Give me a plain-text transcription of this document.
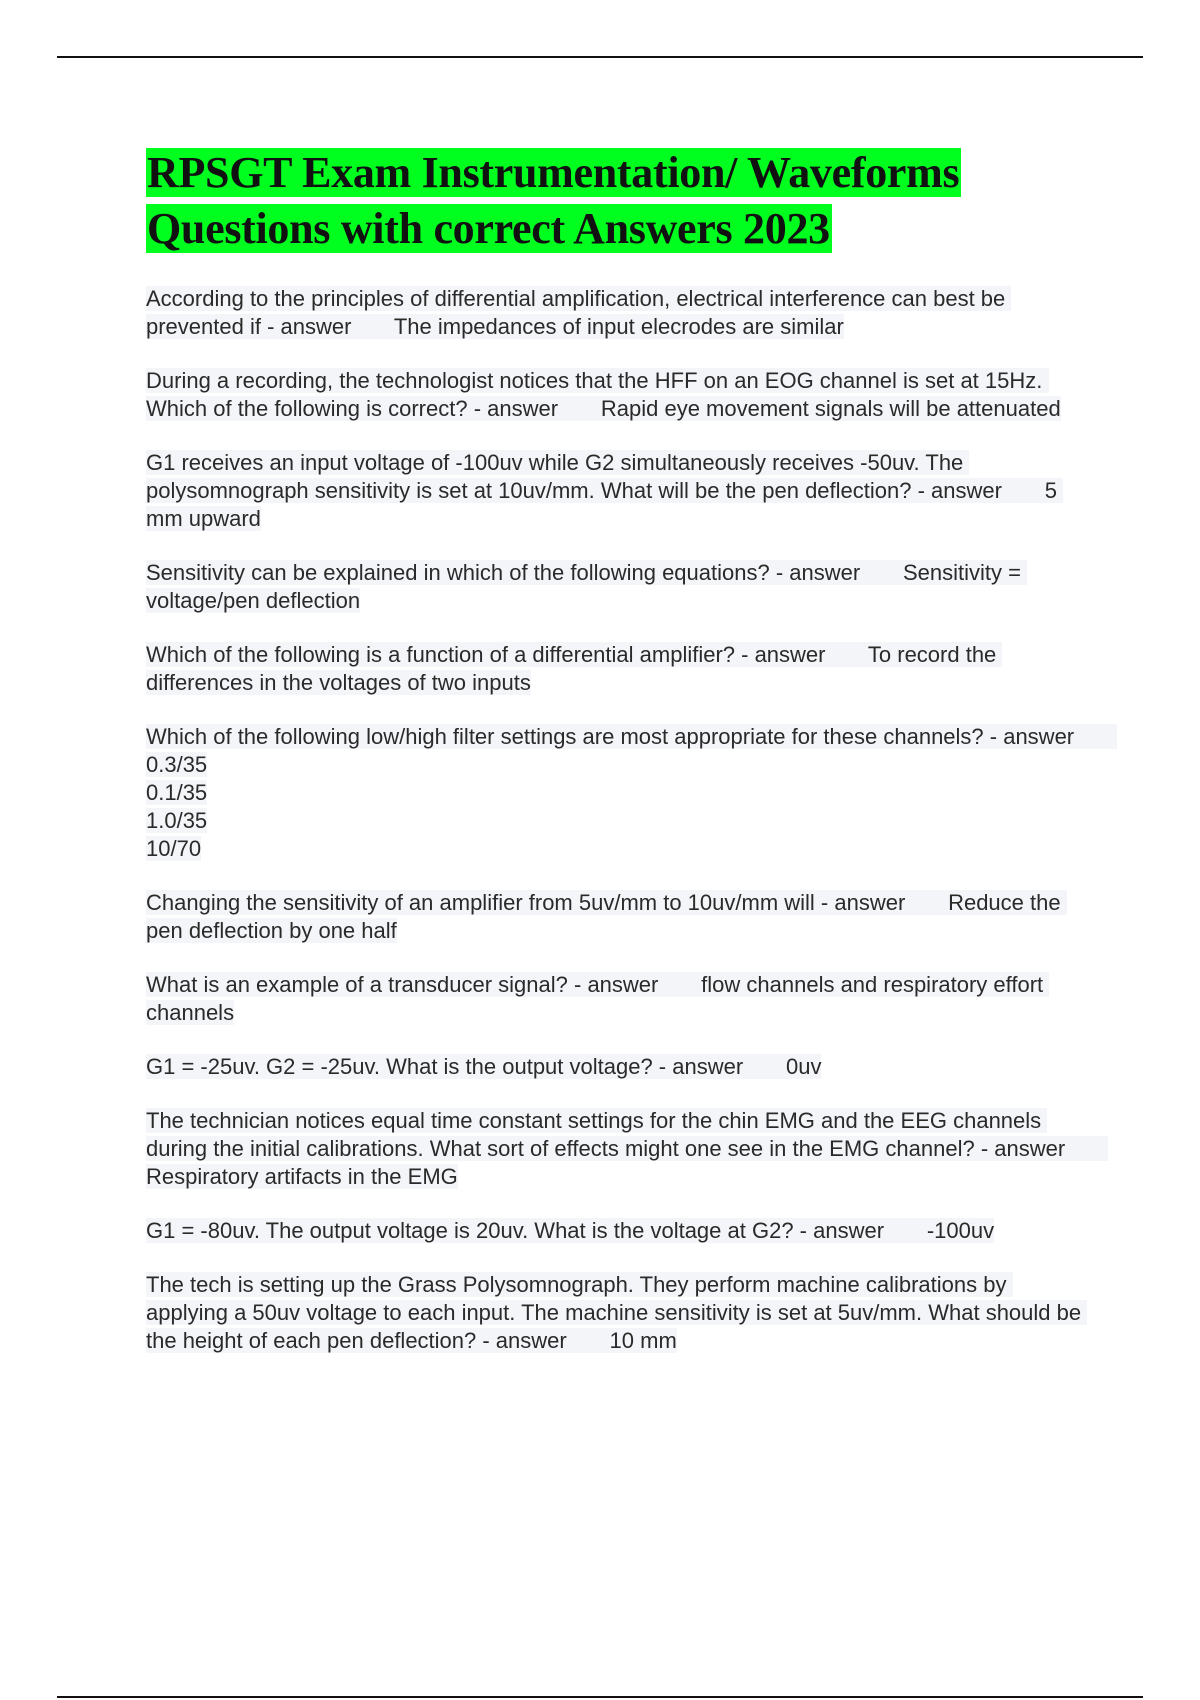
RPSGT Exam Instrumentation/ Waveforms Questions with correct Answers 2023

According to the principles of differential amplification, electrical interference can best be prevented if - answer The impedances of input elecrodes are similar

During a recording, the technologist notices that the HFF on an EOG channel is set at 15Hz. Which of the following is correct? - answer Rapid eye movement signals will be attenuated

G1 receives an input voltage of -100uv while G2 simultaneously receives -50uv. The polysomnograph sensitivity is set at 10uv/mm. What will be the pen deflection? - answer 5 mm upward

Sensitivity can be explained in which of the following equations? - answer Sensitivity = voltage/pen deflection

Which of the following is a function of a differential amplifier? - answer To record the differences in the voltages of two inputs

Which of the following low/high filter settings are most appropriate for these channels? - answer       0.3/35
0.1/35
1.0/35
10/70

Changing the sensitivity of an amplifier from 5uv/mm to 10uv/mm will - answer Reduce the pen deflection by one half

What is an example of a transducer signal? - answer flow channels and respiratory effort channels

G1 = -25uv. G2 = -25uv. What is the output voltage? - answer 0uv

The technician notices equal time constant settings for the chin EMG and the EEG channels during the initial calibrations. What sort of effects might one see in the EMG channel? - answer       Respiratory artifacts in the EMG

G1 = -80uv. The output voltage is 20uv. What is the voltage at G2? - answer -100uv

The tech is setting up the Grass Polysomnograph. They perform machine calibrations by applying a 50uv voltage to each input. The machine sensitivity is set at 5uv/mm. What should be the height of each pen deflection? - answer 10 mm
